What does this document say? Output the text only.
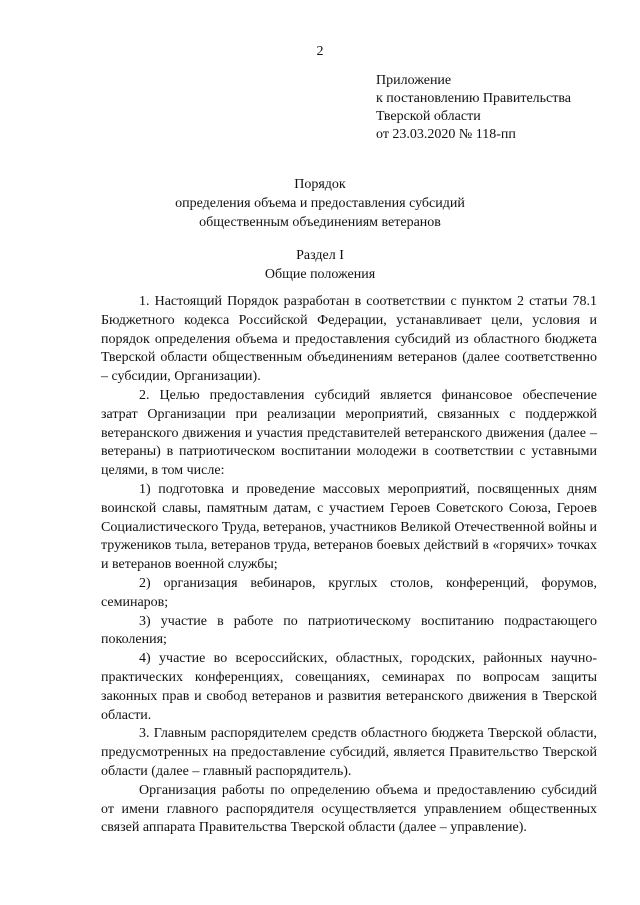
2
Приложение
к постановлению Правительства
Тверской области
от 23.03.2020 № 118-пп
Порядок
определения объема и предоставления субсидий
общественным объединениям ветеранов
Раздел I
Общие положения

1. Настоящий Порядок разработан в соответствии с пунктом 2 статьи 78.1 Бюджетного кодекса Российской Федерации, устанавливает цели, условия и порядок определения объема и предоставления субсидий из областного бюджета Тверской области общественным объединениям ветеранов (далее соответственно – субсидии, Организации).

2. Целью предоставления субсидий является финансовое обеспечение затрат Организации при реализации мероприятий, связанных с поддержкой ветеранского движения и участия представителей ветеранского движения (далее – ветераны) в патриотическом воспитании молодежи в соответствии с уставными целями, в том числе:

1) подготовка и проведение массовых мероприятий, посвященных дням воинской славы, памятным датам, с участием Героев Советского Союза, Героев Социалистического Труда, ветеранов, участников Великой Отечественной войны и тружеников тыла, ветеранов труда, ветеранов боевых действий в «горячих» точках и ветеранов военной службы;

2) организация вебинаров, круглых столов, конференций, форумов, семинаров;

3) участие в работе по патриотическому воспитанию подрастающего поколения;

4) участие во всероссийских, областных, городских, районных научно-практических конференциях, совещаниях, семинарах по вопросам защиты законных прав и свобод ветеранов и развития ветеранского движения в Тверской области.

3. Главным распорядителем средств областного бюджета Тверской области, предусмотренных на предоставление субсидий, является Правительство Тверской области (далее – главный распорядитель).

Организация работы по определению объема и предоставлению субсидий от имени главного распорядителя осуществляется управлением общественных связей аппарата Правительства Тверской области (далее – управление).
